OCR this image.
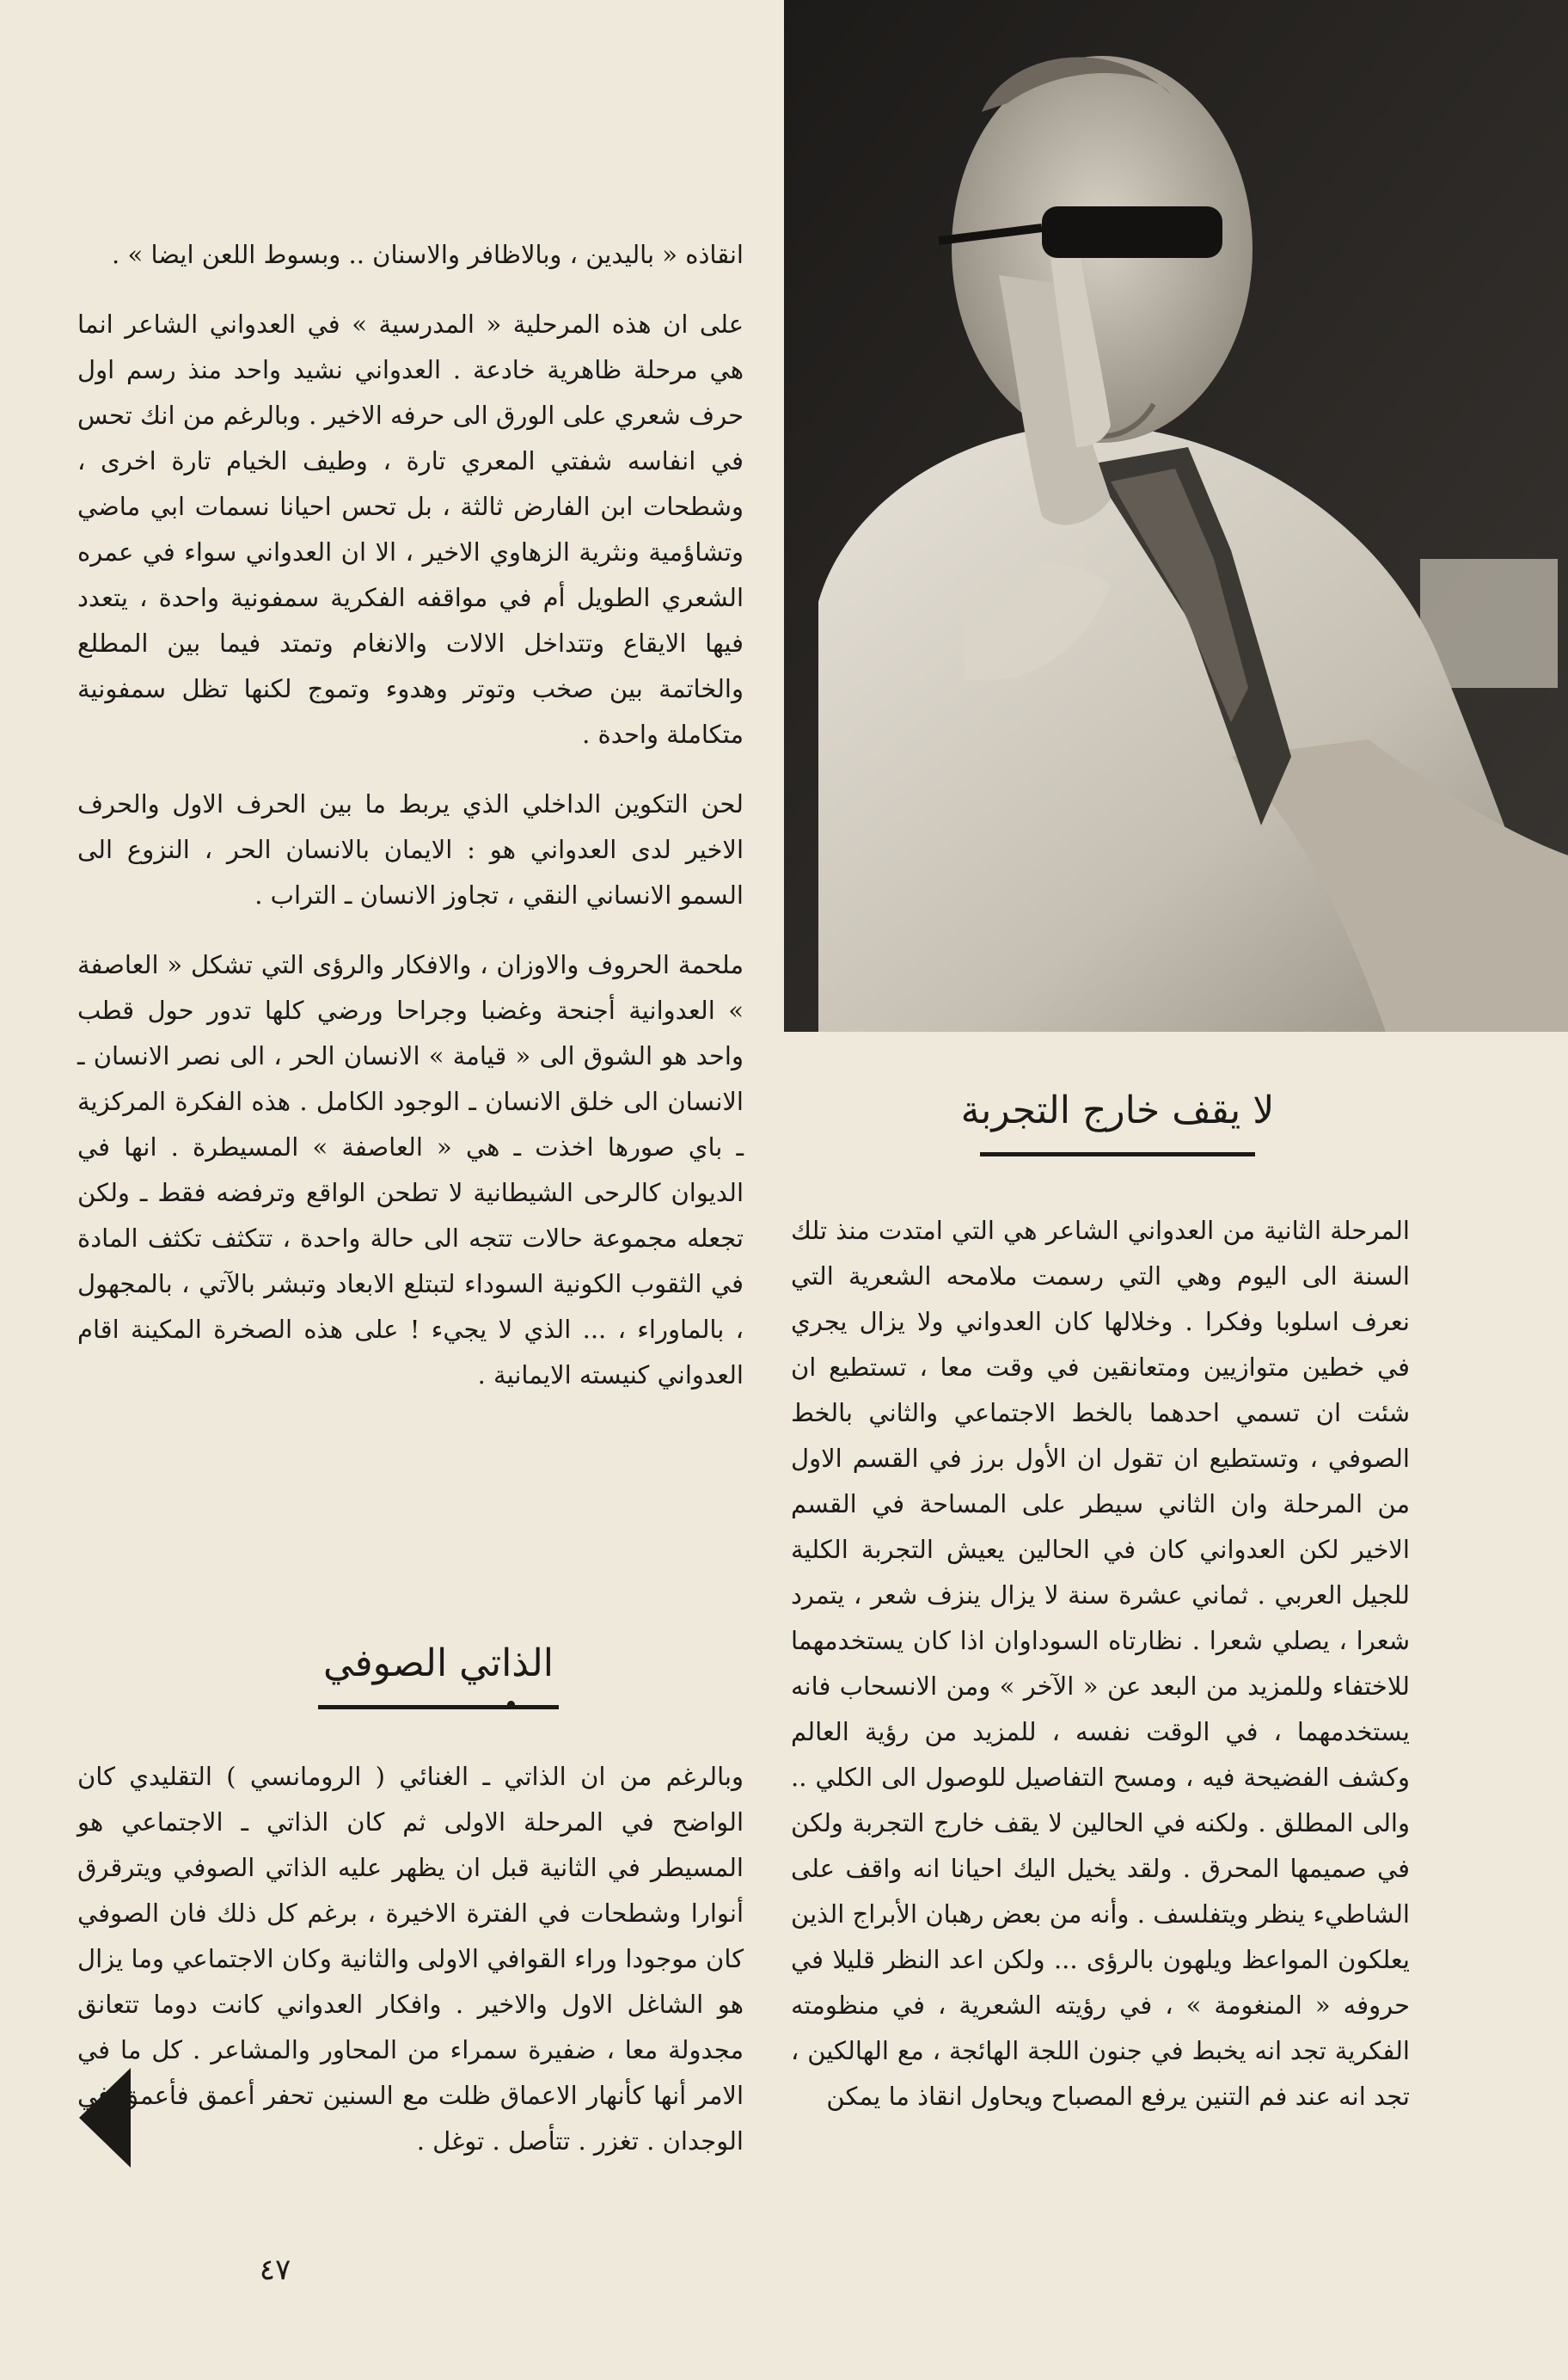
انقاذه « باليدين ، وبالاظافر والاسنان .. وبسوط اللعن ايضا » .

على ان هذه المرحلية « المدرسية » في العدواني الشاعر انما هي مرحلة ظاهرية خادعة . العدواني نشيد واحد منذ رسم اول حرف شعري على الورق الى حرفه الاخير . وبالرغم من انك تحس في انفاسه شفتي المعري تارة ، وطيف الخيام تارة اخرى ، وشطحات ابن الفارض ثالثة ، بل تحس احيانا نسمات ابي ماضي وتشاؤمية ونثرية الزهاوي الاخير ، الا ان العدواني سواء في عمره الشعري الطويل أم في مواقفه الفكرية سمفونية واحدة ، يتعدد فيها الايقاع وتتداخل الالات والانغام وتمتد فيما بين المطلع والخاتمة بين صخب وتوتر وهدوء وتموج لكنها تظل سمفونية متكاملة واحدة .

لحن التكوين الداخلي الذي يربط ما بين الحرف الاول والحرف الاخير لدى العدواني هو : الايمان بالانسان الحر ، النزوع الى السمو الانساني النقي ، تجاوز الانسان ـ التراب .

ملحمة الحروف والاوزان ، والافكار والرؤى التي تشكل « العاصفة » العدوانية أجنحة وغضبا وجراحا ورضي كلها تدور حول قطب واحد هو الشوق الى « قيامة » الانسان الحر ، الى نصر الانسان ـ الانسان الى خلق الانسان ـ الوجود الكامل . هذه الفكرة المركزية ـ باي صورها اخذت ـ هي « العاصفة » المسيطرة . انها في الديوان كالرحى الشيطانية لا تطحن الواقع وترفضه فقط ـ ولكن تجعله مجموعة حالات تتجه الى حالة واحدة ، تتكثف تكثف المادة في الثقوب الكونية السوداء لتبتلع الابعاد وتبشر بالآتي ، بالمجهول ، بالماوراء ، ... الذي لا يجيء ! على هذه الصخرة المكينة اقام العدواني كنيسته الايمانية .

وبالرغم من ان الذاتي ـ الغنائي ( الرومانسي ) التقليدي كان الواضح في المرحلة الاولى ثم كان الذاتي ـ الاجتماعي هو المسيطر في الثانية قبل ان يظهر عليه الذاتي الصوفي ويترقرق أنوارا وشطحات في الفترة الاخيرة ، برغم كل ذلك فان الصوفي كان موجودا وراء القوافي الاولى والثانية وكان الاجتماعي وما يزال هو الشاغل الاول والاخير . وافكار العدواني كانت دوما تتعانق مجدولة معا ، ضفيرة سمراء من المحاور والمشاعر . كل ما في الامر أنها كأنهار الاعماق ظلت مع السنين تحفر أعمق فأعمق في الوجدان . تغزر . تتأصل . توغل .

الذاتي الصوفي
لا يقف خارج التجربة

المرحلة الثانية من العدواني الشاعر هي التي امتدت منذ تلك السنة الى اليوم وهي التي رسمت ملامحه الشعرية التي نعرف اسلوبا وفكرا . وخلالها كان العدواني ولا يزال يجري في خطين متوازيين ومتعانقين في وقت معا ، تستطيع ان شئت ان تسمي احدهما بالخط الاجتماعي والثاني بالخط الصوفي ، وتستطيع ان تقول ان الأول برز في القسم الاول من المرحلة وان الثاني سيطر على المساحة في القسم الاخير لكن العدواني كان في الحالين يعيش التجربة الكلية للجيل العربي . ثماني عشرة سنة لا يزال ينزف شعر ، يتمرد شعرا ، يصلي شعرا . نظارتاه السوداوان اذا كان يستخدمهما للاختفاء وللمزيد من البعد عن « الآخر » ومن الانسحاب فانه يستخدمهما ، في الوقت نفسه ، للمزيد من رؤية العالم وكشف الفضيحة فيه ، ومسح التفاصيل للوصول الى الكلي .. والى المطلق . ولكنه في الحالين لا يقف خارج التجربة ولكن في صميمها المحرق . ولقد يخيل اليك احيانا انه واقف على الشاطيء ينظر ويتفلسف . وأنه من بعض رهبان الأبراج الذين يعلكون المواعظ ويلهون بالرؤى ... ولكن اعد النظر قليلا في حروفه « المنغومة » ، في رؤيته الشعرية ، في منظومته الفكرية تجد انه يخبط في جنون اللجة الهائجة ، مع الهالكين ، تجد انه عند فم التنين يرفع المصباح ويحاول انقاذ ما يمكن

٤٧
